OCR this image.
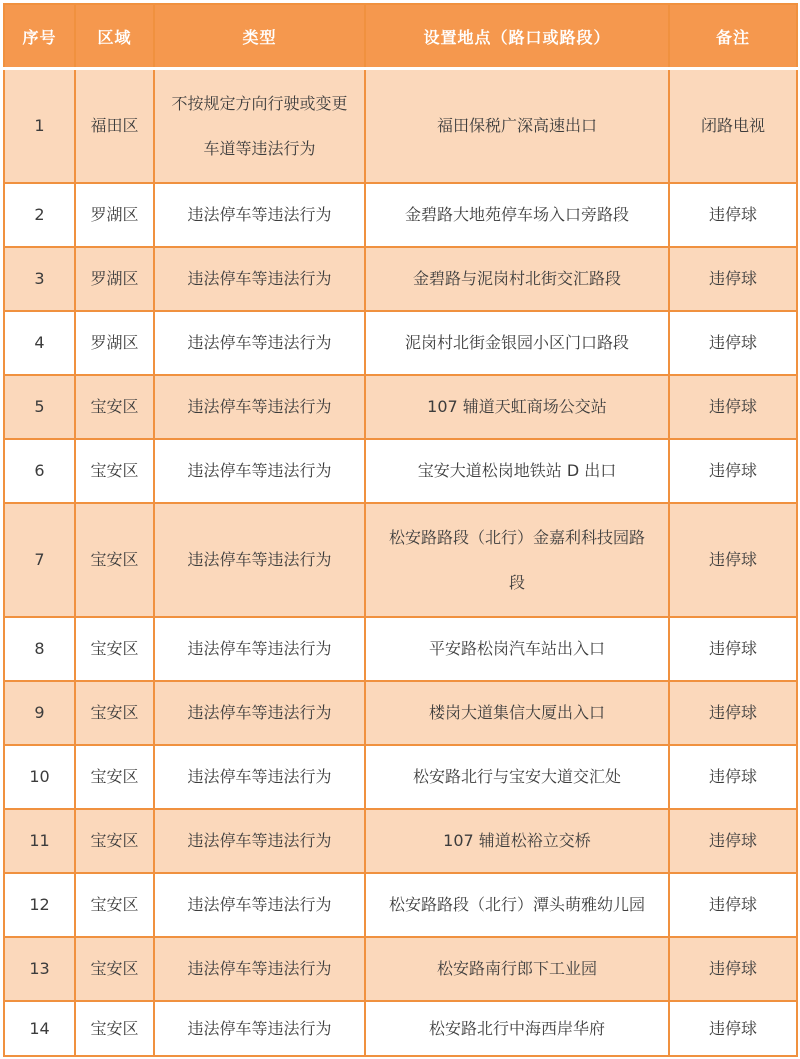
序号	区域	类型	设置地点（路口或路段）	备注
1	福田区	不按规定方向行驶或变更车道等违法行为	福田保税广深高速出口	闭路电视
2	罗湖区	违法停车等违法行为	金碧路大地苑停车场入口旁路段	违停球
3	罗湖区	违法停车等违法行为	金碧路与泥岗村北街交汇路段	违停球
4	罗湖区	违法停车等违法行为	泥岗村北街金银园小区门口路段	违停球
5	宝安区	违法停车等违法行为	107 辅道天虹商场公交站	违停球
6	宝安区	违法停车等违法行为	宝安大道松岗地铁站 D 出口	违停球
7	宝安区	违法停车等违法行为	松安路路段（北行）金嘉利科技园路段	违停球
8	宝安区	违法停车等违法行为	平安路松岗汽车站出入口	违停球
9	宝安区	违法停车等违法行为	楼岗大道集信大厦出入口	违停球
10	宝安区	违法停车等违法行为	松安路北行与宝安大道交汇处	违停球
11	宝安区	违法停车等违法行为	107 辅道松裕立交桥	违停球
12	宝安区	违法停车等违法行为	松安路路段（北行）潭头萌雅幼儿园	违停球
13	宝安区	违法停车等违法行为	松安路南行郎下工业园	违停球
14	宝安区	违法停车等违法行为	松安路北行中海西岸华府	违停球
